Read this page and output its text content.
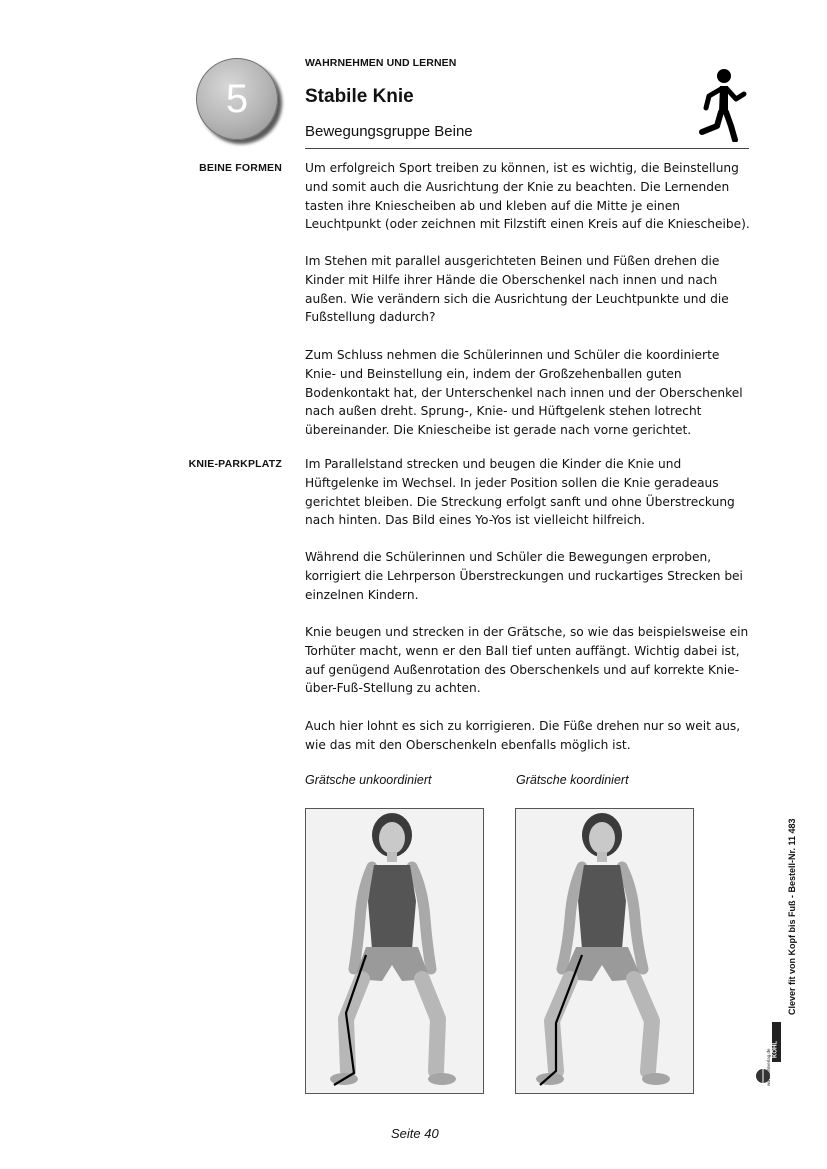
5
WAHRNEHMEN UND LERNEN
Stabile Knie
Bewegungsgruppe Beine
BEINE FORMEN Um erfolgreich Sport treiben zu können, ist es wichtig, die Beinstellung und somit auch die Ausrichtung der Knie zu beachten. Die Lernenden tasten ihre Kniescheiben ab und kleben auf die Mitte je einen Leuchtpunkt (oder zeichnen mit Filzstift einen Kreis auf die Kniescheibe).

Im Stehen mit parallel ausgerichteten Beinen und Füßen drehen die Kinder mit Hilfe ihrer Hände die Oberschenkel nach innen und nach außen. Wie verändern sich die Ausrichtung der Leuchtpunkte und die Fußstellung dadurch?

Zum Schluss nehmen die Schülerinnen und Schüler die koordinierte Knie- und Beinstellung ein, indem der Großzehenballen guten Bodenkontakt hat, der Unterschenkel nach innen und der Oberschenkel nach außen dreht. Sprung-, Knie- und Hüftgelenk stehen lotrecht übereinander. Die Kniescheibe ist gerade nach vorne gerichtet.

KNIE-PARKPLATZ Im Parallelstand strecken und beugen die Kinder die Knie und Hüftgelenke im Wechsel. In jeder Position sollen die Knie geradeaus gerichtet bleiben. Die Streckung erfolgt sanft und ohne Überstreckung nach hinten. Das Bild eines Yo-Yos ist vielleicht hilfreich.

Während die Schülerinnen und Schüler die Bewegungen erproben, korrigiert die Lehrperson Überstreckungen und ruckartiges Strecken bei einzelnen Kindern.

Knie beugen und strecken in der Grätsche, so wie das beispielsweise ein Torhüter macht, wenn er den Ball tief unten auffängt. Wichtig dabei ist, auf genügend Außenrotation des Oberschenkels und auf korrekte Knie-über-Fuß-Stellung zu achten.

Auch hier lohnt es sich zu korrigieren. Die Füße drehen nur so weit aus, wie das mit den Oberschenkeln ebenfalls möglich ist.

Grätsche unkoordiniert	Grätsche koordiniert
Clever fit von Kopf bis Fuß - Bestell-Nr. 11 483
KOHL
www.kohlverlag.de
Seite 40
